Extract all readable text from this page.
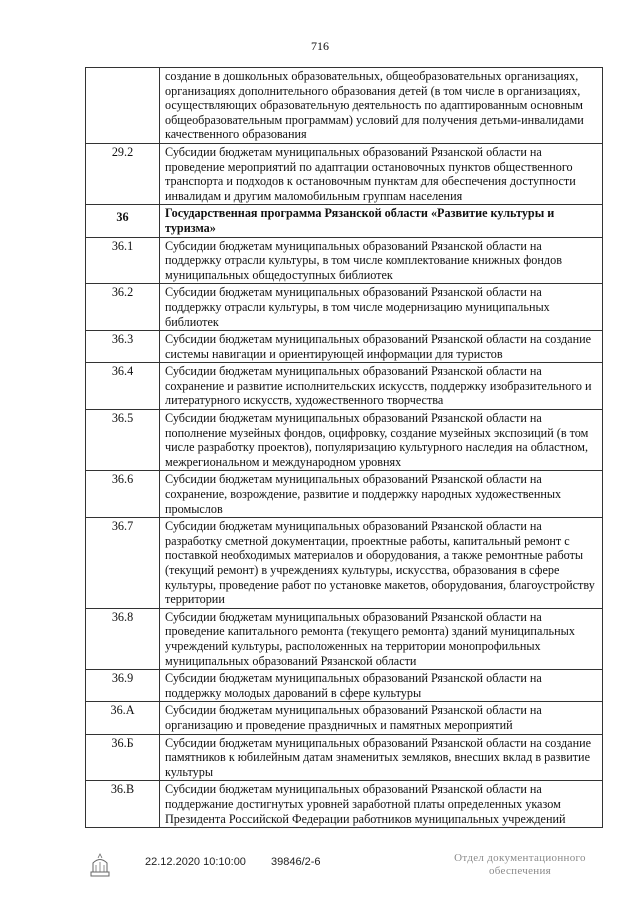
716
	создание в дошкольных образовательных, общеобразовательных организациях, организациях дополнительного образования детей (в том числе в организациях, осуществляющих образовательную деятельность по адаптированным основным общеобразовательным программам) условий для получения детьми-инвалидами качественного образования
29.2	Субсидии бюджетам муниципальных образований Рязанской области на проведение мероприятий по адаптации остановочных пунктов общественного транспорта и подходов к остановочным пунктам для обеспечения доступности инвалидам и другим маломобильным группам населения
36	Государственная программа Рязанской области «Развитие культуры и туризма»
36.1	Субсидии бюджетам муниципальных образований Рязанской области на поддержку отрасли культуры, в том числе комплектование книжных фондов муниципальных общедоступных библиотек
36.2	Субсидии бюджетам муниципальных образований Рязанской области на поддержку отрасли культуры, в том числе модернизацию муниципальных библиотек
36.3	Субсидии бюджетам муниципальных образований Рязанской области на создание системы навигации и ориентирующей информации для туристов
36.4	Субсидии бюджетам муниципальных образований Рязанской области на сохранение и развитие исполнительских искусств, поддержку изобразительного и литературного искусств, художественного творчества
36.5	Субсидии бюджетам муниципальных образований Рязанской области на пополнение музейных фондов, оцифровку, создание музейных экспозиций (в том числе разработку проектов), популяризацию культурного наследия на областном, межрегиональном и международном уровнях
36.6	Субсидии бюджетам муниципальных образований Рязанской области на сохранение, возрождение, развитие и поддержку народных художественных промыслов
36.7	Субсидии бюджетам муниципальных образований Рязанской области на разработку сметной документации, проектные работы, капитальный ремонт с поставкой необходимых материалов и оборудования, а также ремонтные работы (текущий ремонт) в учреждениях культуры, искусства, образования в сфере культуры, проведение работ по установке макетов, оборудования, благоустройству территории
36.8	Субсидии бюджетам муниципальных образований Рязанской области на проведение капитального ремонта (текущего ремонта) зданий муниципальных учреждений культуры, расположенных на территории монопрофильных муниципальных образований Рязанской области
36.9	Субсидии бюджетам муниципальных образований Рязанской области на поддержку молодых дарований в сфере культуры
36.А	Субсидии бюджетам муниципальных образований Рязанской области на организацию и проведение праздничных и памятных мероприятий
36.Б	Субсидии бюджетам муниципальных образований Рязанской области на создание памятников к юбилейным датам знаменитых земляков, внесших вклад в развитие культуры
36.В	Субсидии бюджетам муниципальных образований Рязанской области на поддержание достигнутых уровней заработной платы определенных указом Президента Российской Федерации работников муниципальных учреждений
22.12.2020 10:10:00 39846/2-6	Отдел документационного обеспечения
